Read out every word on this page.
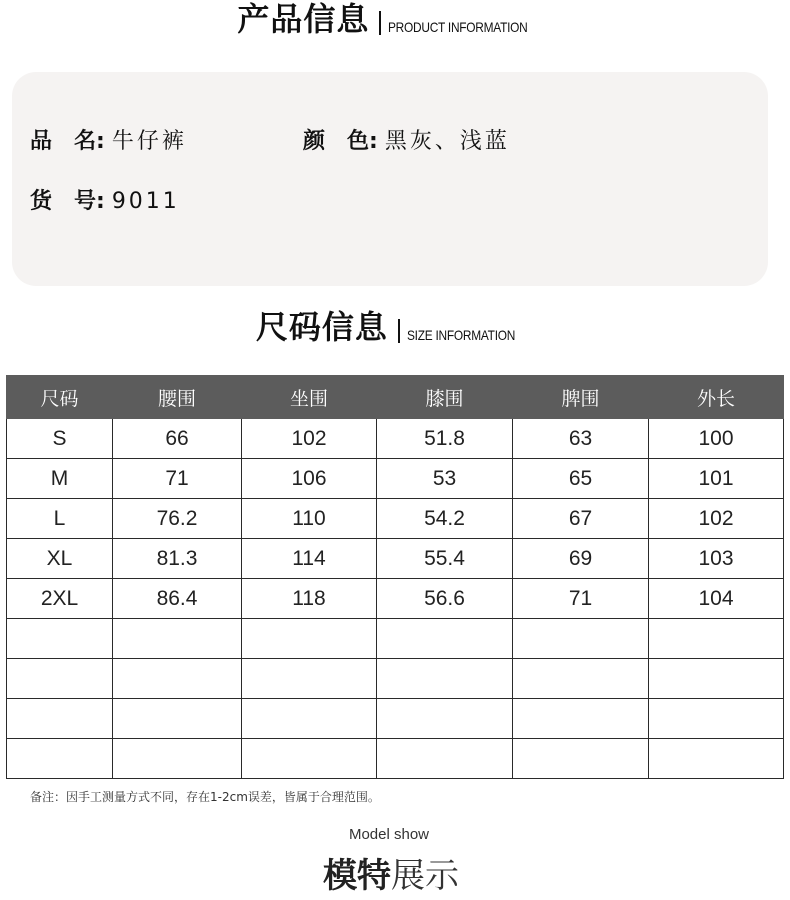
产品信息 PRODUCT INFORMATION
品　名: 牛仔裤	颜　色: 黑灰、浅蓝
货　号: 9011
尺码信息 SIZE INFORMATION
尺码	腰围	坐围	膝围	脾围	外长
S	66	102	51.8	63	100
M	71	106	53	65	101
L	76.2	110	54.2	67	102
XL	81.3	114	55.4	69	103
2XL	86.4	118	56.6	71	104

备注：因手工测量方式不同，存在1-2cm误差，皆属于合理范围。
Model show
模特展示
